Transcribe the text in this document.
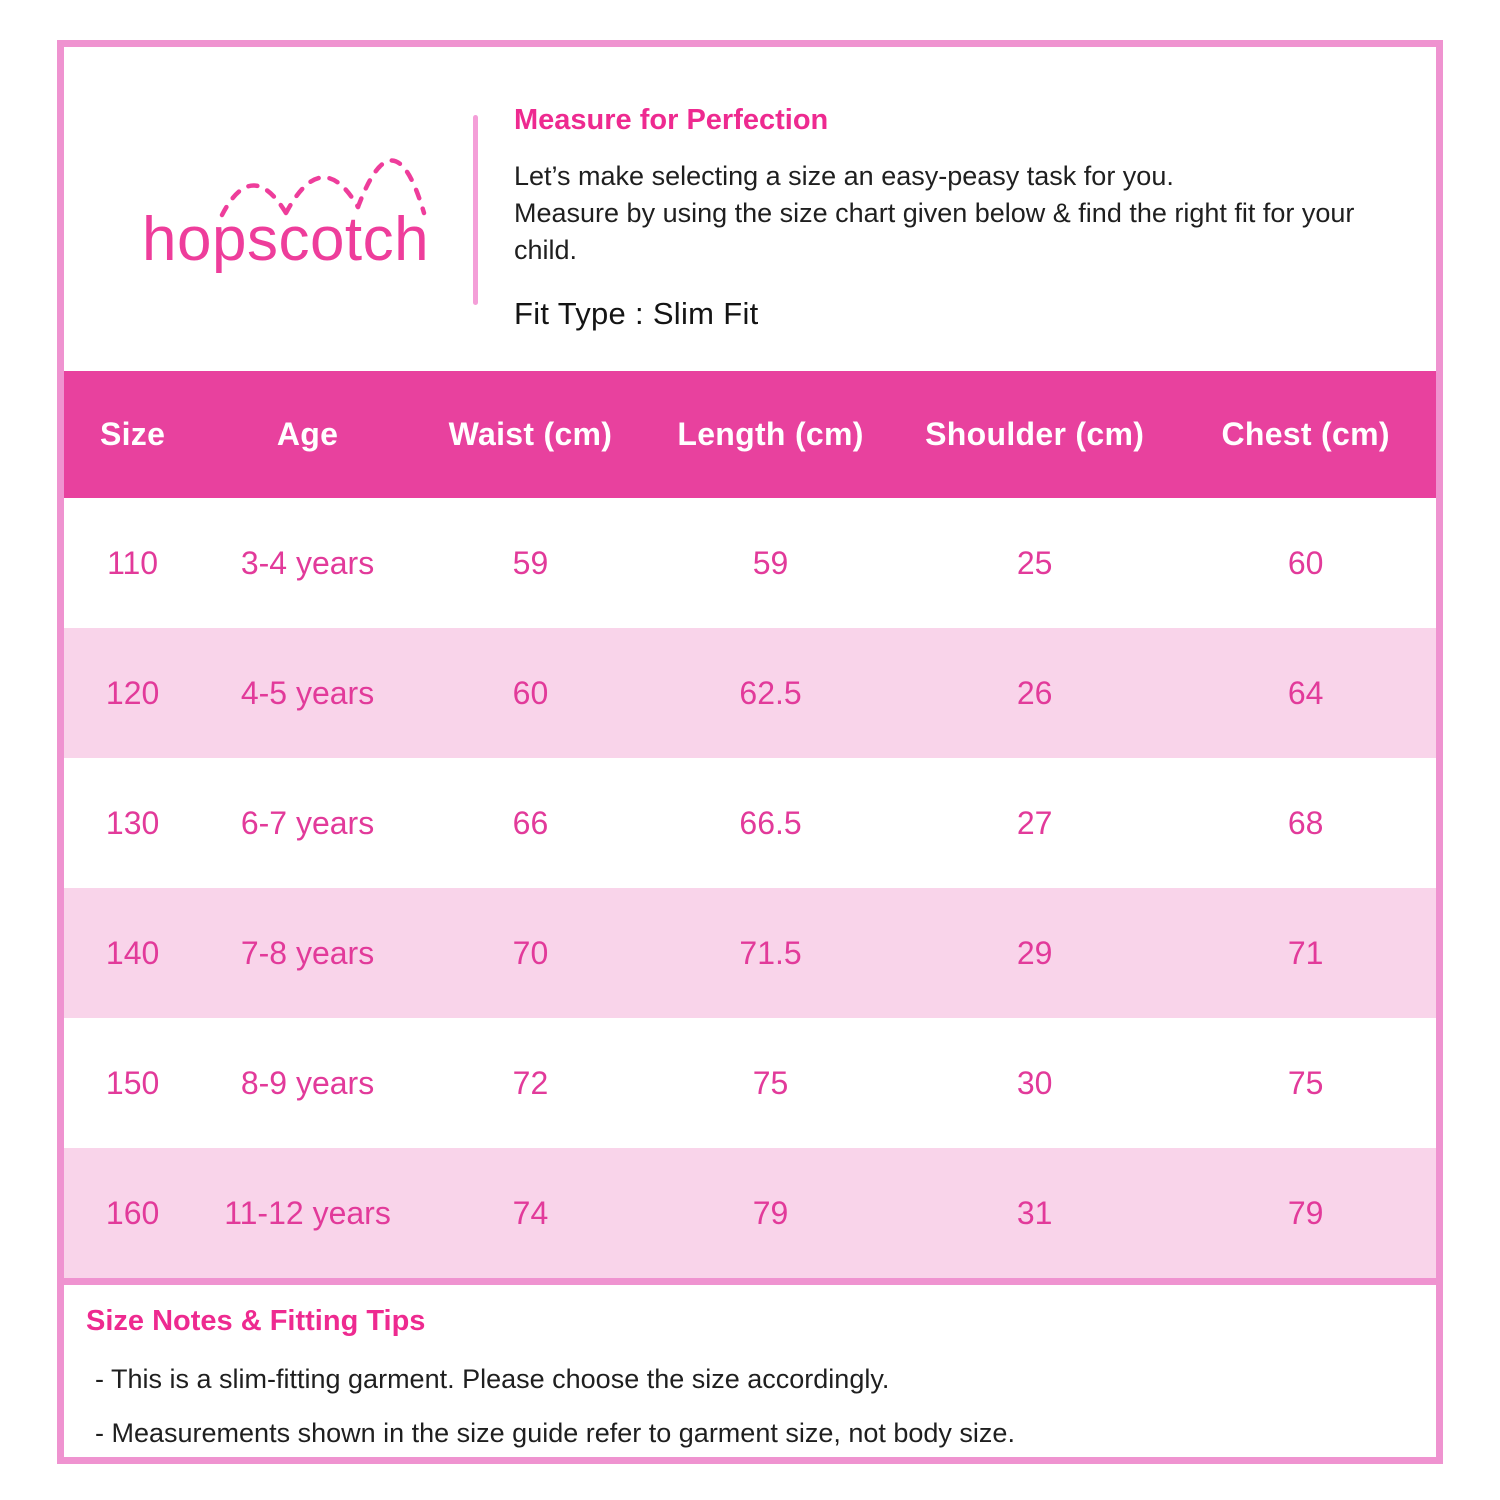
hopscotch
Measure for Perfection
Let’s make selecting a size an easy-peasy task for you.
Measure by using the size chart given below & find the right fit for your
child.
Fit Type : Slim Fit
Size	Age	Waist (cm)	Length (cm)	Shoulder (cm)	Chest (cm)
110	3-4 years	59	59	25	60
120	4-5 years	60	62.5	26	64
130	6-7 years	66	66.5	27	68
140	7-8 years	70	71.5	29	71
150	8-9 years	72	75	30	75
160	11-12 years	74	79	31	79
Size Notes & Fitting Tips
- This is a slim-fitting garment. Please choose the size accordingly.
- Measurements shown in the size guide refer to garment size, not body size.
